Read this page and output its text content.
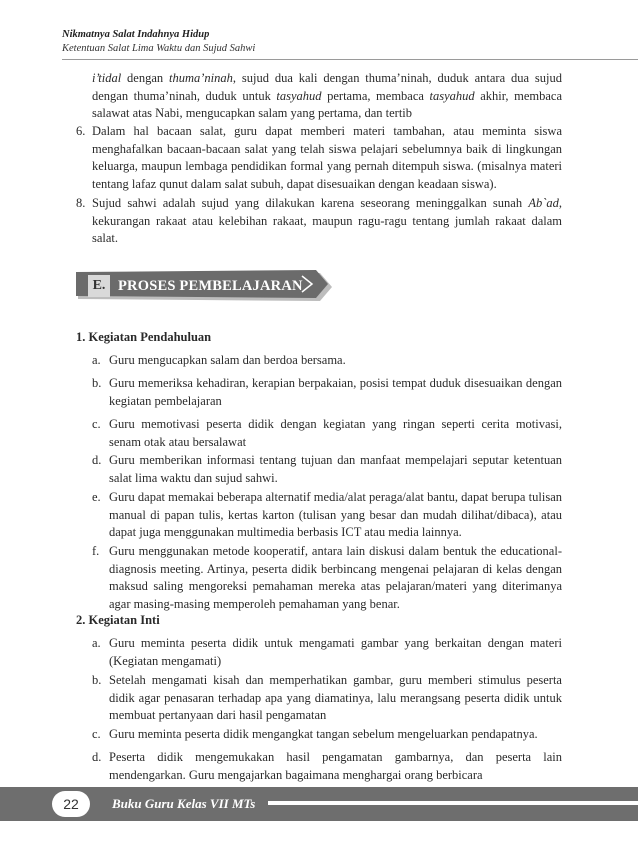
Nikmatnya Salat Indahnya Hidup
Ketentuan Salat Lima Waktu dan Sujud Sahwi

i’tidal dengan thuma’ninah, sujud dua kali dengan thuma’ninah, duduk antara dua sujud dengan thuma’ninah, duduk untuk tasyahud pertama, membaca tasyahud akhir, membaca salawat atas Nabi, mengucapkan salam yang pertama, dan tertib

6. Dalam hal bacaan salat, guru dapat memberi materi tambahan, atau meminta siswa menghafalkan bacaan-bacaan salat yang telah siswa pelajari sebelumnya baik di lingkungan keluarga, maupun lembaga pendidikan formal yang pernah ditempuh siswa. (misalnya materi tentang lafaz qunut dalam salat subuh, dapat disesuaikan dengan keadaan siswa).

8. Sujud sahwi adalah sujud yang dilakukan karena seseorang meninggalkan sunah Ab`ad, kekurangan rakaat atau kelebihan rakaat, maupun ragu-ragu tentang jumlah rakaat dalam salat.

E. PROSES PEMBELAJARAN
1. Kegiatan Pendahuluan
a. Guru mengucapkan salam dan berdoa bersama.

b. Guru memeriksa kehadiran, kerapian berpakaian, posisi tempat duduk disesuaikan dengan kegiatan pembelajaran

c. Guru memotivasi peserta didik dengan kegiatan yang ringan seperti cerita motivasi, senam otak atau bersalawat

d. Guru memberikan informasi tentang tujuan dan manfaat mempelajari seputar ketentuan salat lima waktu dan sujud sahwi.

e. Guru dapat memakai beberapa alternatif media/alat peraga/alat bantu, dapat berupa tulisan manual di papan tulis, kertas karton (tulisan yang besar dan mudah dilihat/dibaca), atau dapat juga menggunakan multimedia berbasis ICT atau media lainnya.

f. Guru menggunakan metode kooperatif, antara lain diskusi dalam bentuk the educational-diagnosis meeting. Artinya, peserta didik berbincang mengenai pelajaran di kelas dengan maksud saling mengoreksi pemahaman mereka atas pelajaran/materi yang diterimanya agar masing-masing memperoleh pemahaman yang benar.

2. Kegiatan Inti
a. Guru meminta peserta didik untuk mengamati gambar yang berkaitan dengan materi (Kegiatan mengamati)

b. Setelah mengamati kisah dan memperhatikan gambar, guru memberi stimulus peserta didik agar penasaran terhadap apa yang diamatinya, lalu merangsang peserta didik untuk membuat pertanyaan dari hasil pengamatan

c. Guru meminta peserta didik mengangkat tangan sebelum mengeluarkan pendapatnya.

d. Peserta didik mengemukakan hasil pengamatan gambarnya, dan peserta lain mendengarkan. Guru mengajarkan bagaimana menghargai orang berbicara

22	Buku Guru Kelas VII MTs
